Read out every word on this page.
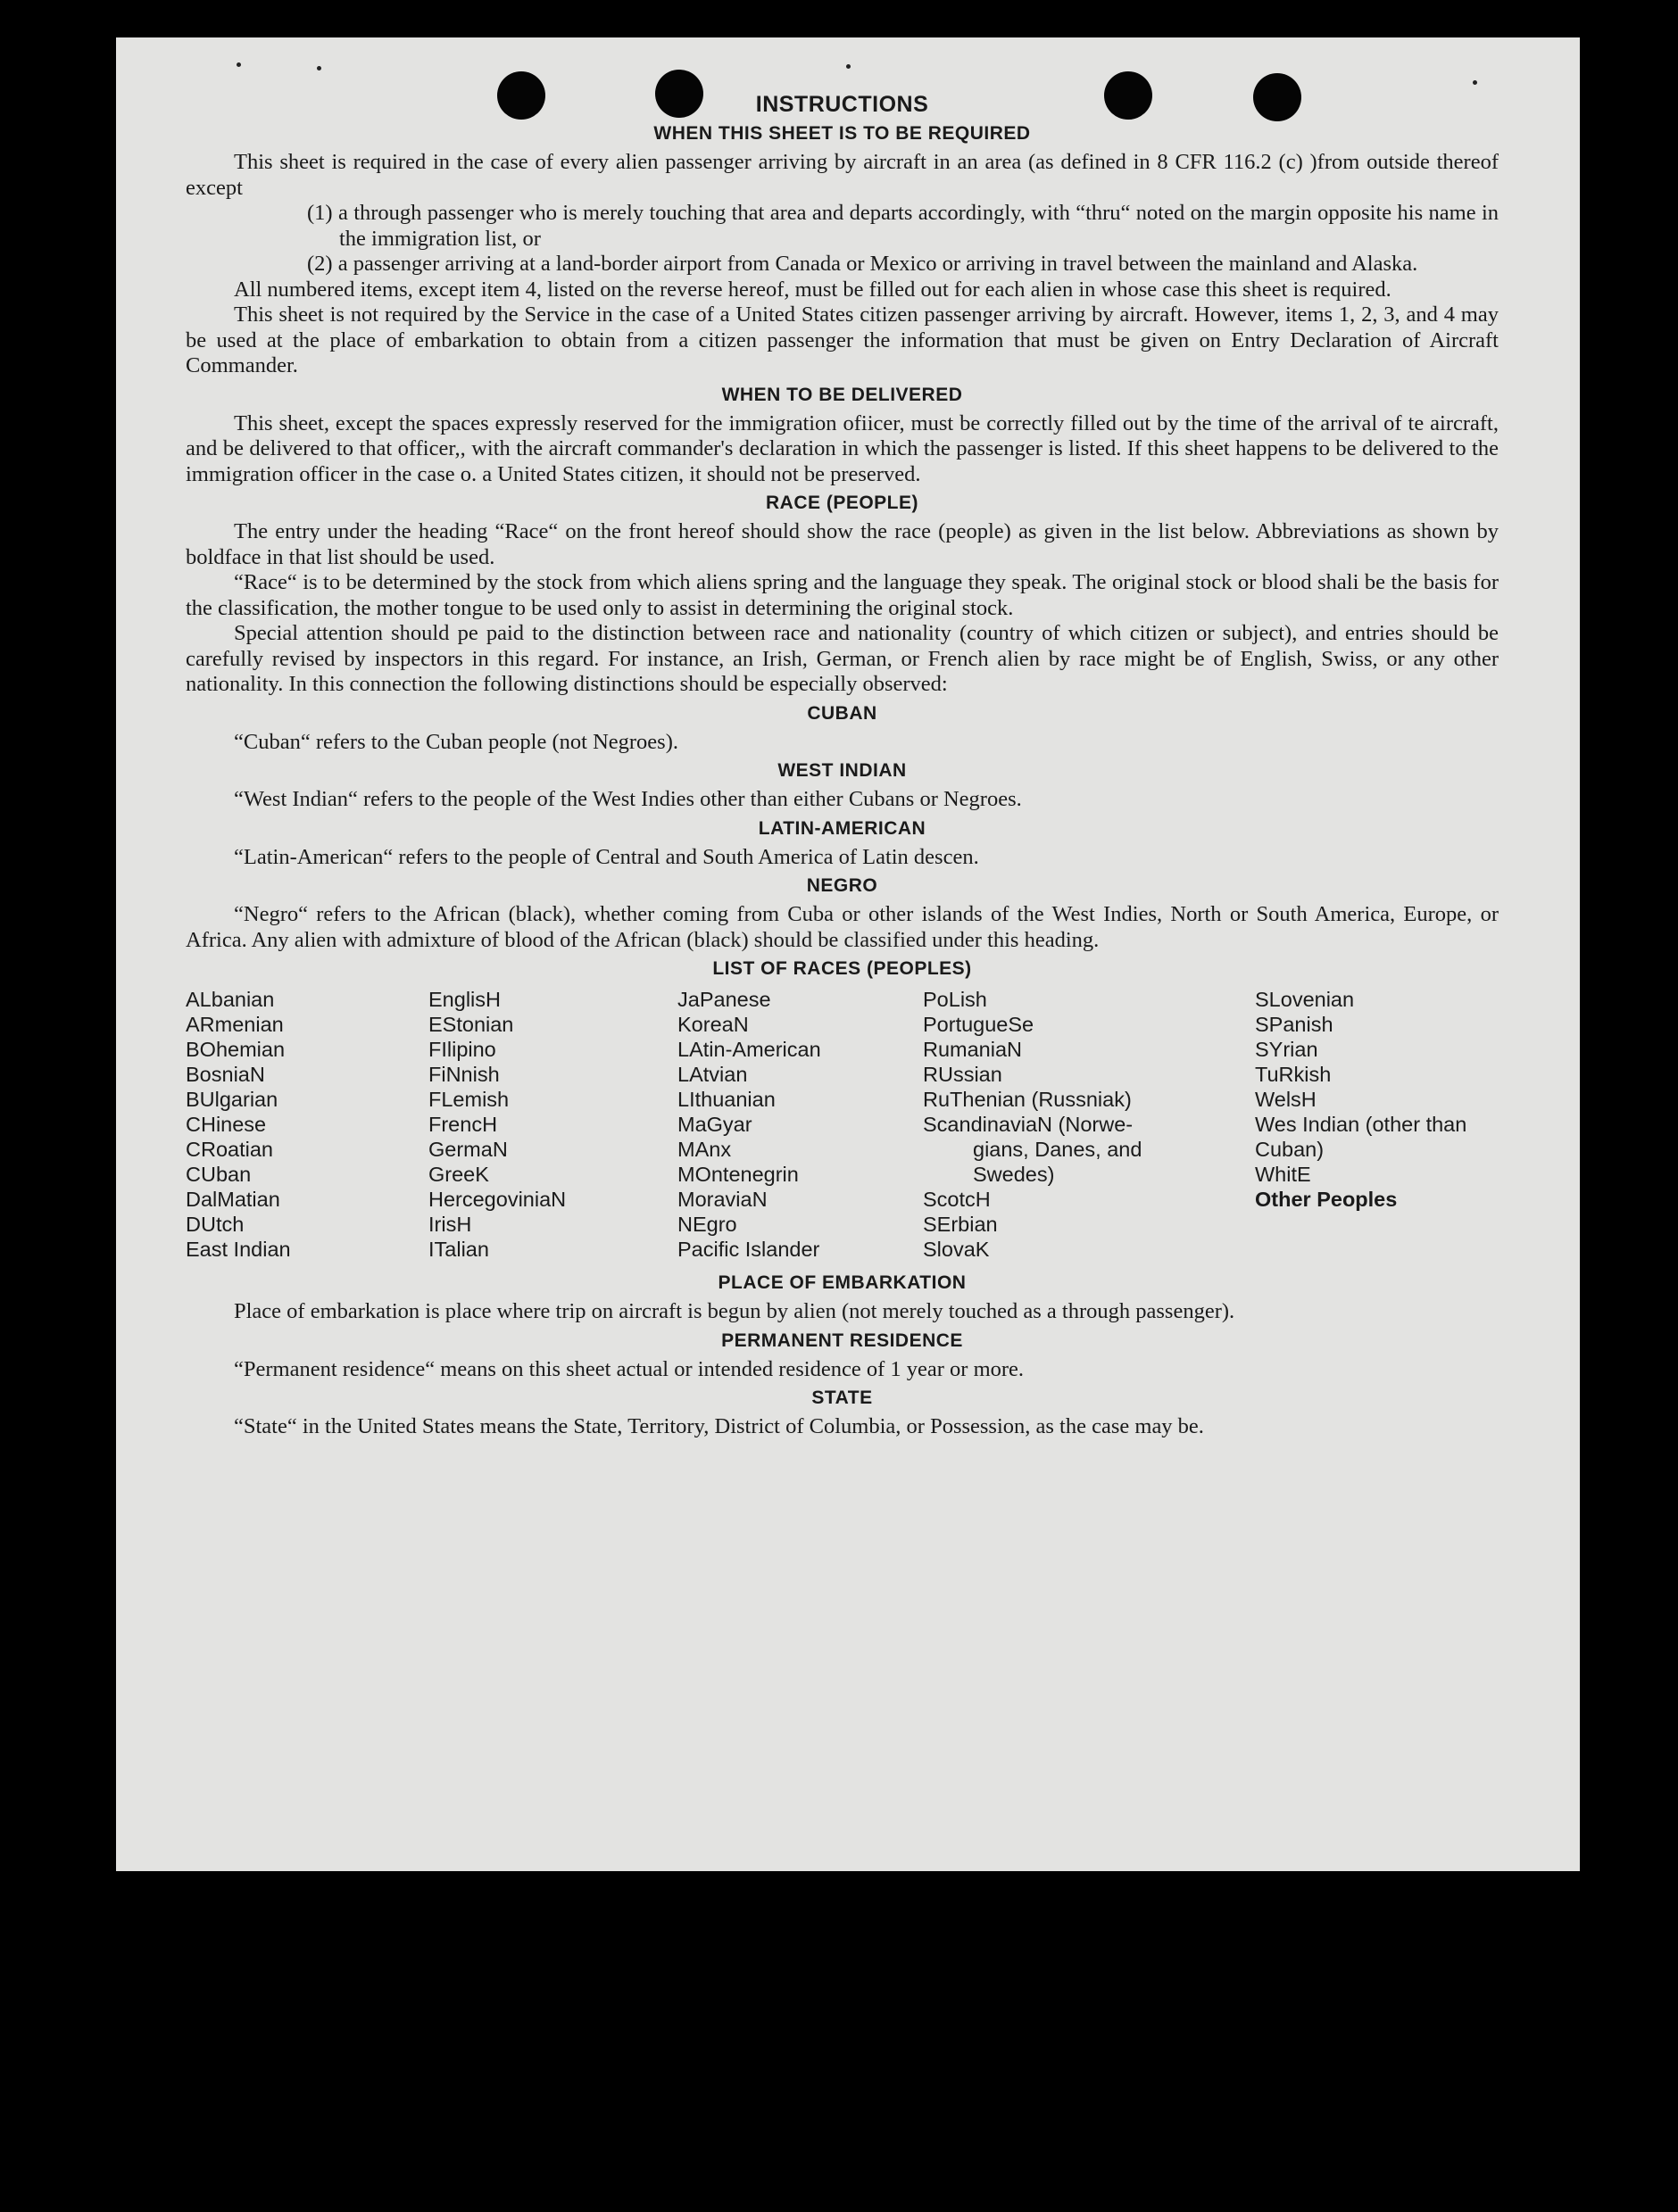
INSTRUCTIONS
WHEN THIS SHEET IS TO BE REQUIRED

This sheet is required in the case of every alien passenger arriving by aircraft in an area (as defined in 8 CFR 116.2 (c) )from outside thereof except

(1) a through passenger who is merely touching that area and departs accordingly, with “thru“ noted on the margin opposite his name in the immigration list, or
(2) a passenger arriving at a land-border airport from Canada or Mexico or arriving in travel between the mainland and Alaska.

All numbered items, except item 4, listed on the reverse hereof, must be filled out for each alien in whose case this sheet is required.

This sheet is not required by the Service in the case of a United States citizen passenger arriving by aircraft. However, items 1, 2, 3, and 4 may be used at the place of embarkation to obtain from a citizen passenger the information that must be given on Entry Declaration of Aircraft Commander.

WHEN TO BE DELIVERED

This sheet, except the spaces expressly reserved for the immigration ofiicer, must be correctly filled out by the time of the arrival of te aircraft, and be delivered to that officer,, with the aircraft commander's declaration in which the passenger is listed. If this sheet happens to be delivered to the immigration officer in the case o. a United States citizen, it should not be preserved.

RACE (PEOPLE)

The entry under the heading “Race“ on the front hereof should show the race (people) as given in the list below. Abbreviations as shown by boldface in that list should be used.

“Race“ is to be determined by the stock from which aliens spring and the language they speak. The original stock or blood shali be the basis for the classification, the mother tongue to be used only to assist in determining the original stock.

Special attention should pe paid to the distinction between race and nationality (country of which citizen or subject), and entries should be carefully revised by inspectors in this regard. For instance, an Irish, German, or French alien by race might be of English, Swiss, or any other nationality. In this connection the following distinctions should be especially observed:

CUBAN

“Cuban“ refers to the Cuban people (not Negroes).

WEST INDIAN

“West Indian“ refers to the people of the West Indies other than either Cubans or Negroes.

LATIN-AMERICAN

“Latin-American“ refers to the people of Central and South America of Latin descen.

NEGRO

“Negro“ refers to the African (black), whether coming from Cuba or other islands of the West Indies, North or South America, Europe, or Africa. Any alien with admixture of blood of the African (black) should be classified under this heading.

LIST OF RACES (PEOPLES)
ALbanian
ARmenian
BOhemian
BosniaN
BUlgarian
CHinese
CRoatian
CUban
DalMatian
DUtch
East Indian
EnglisH
EStonian
FIlipino
FiNnish
FLemish
FrencH
GermaN
GreeK
HercegoviniaN
IrisH
ITalian
JaPanese
KoreaN
LAtin-American
LAtvian
LIthuanian
MaGyar
MAnx
MOntenegrin
MoraviaN
NEgro
Pacific Islander
PoLish
PortugueSe
RumaniaN
RUssian
RuThenian (Russniak)
ScandinaviaN (Norwe-
gians, Danes, and
Swedes)
ScotcH
SErbian
SlovaK
SLovenian
SPanish
SYrian
TuRkish
WelsH
Wes Indian (other than Cuban)
WhitE
Other Peoples
PLACE OF EMBARKATION

Place of embarkation is place where trip on aircraft is begun by alien (not merely touched as a through passenger).

PERMANENT RESIDENCE

“Permanent residence“ means on this sheet actual or intended residence of 1 year or more.

STATE

“State“ in the United States means the State, Territory, District of Columbia, or Possession, as the case may be.
